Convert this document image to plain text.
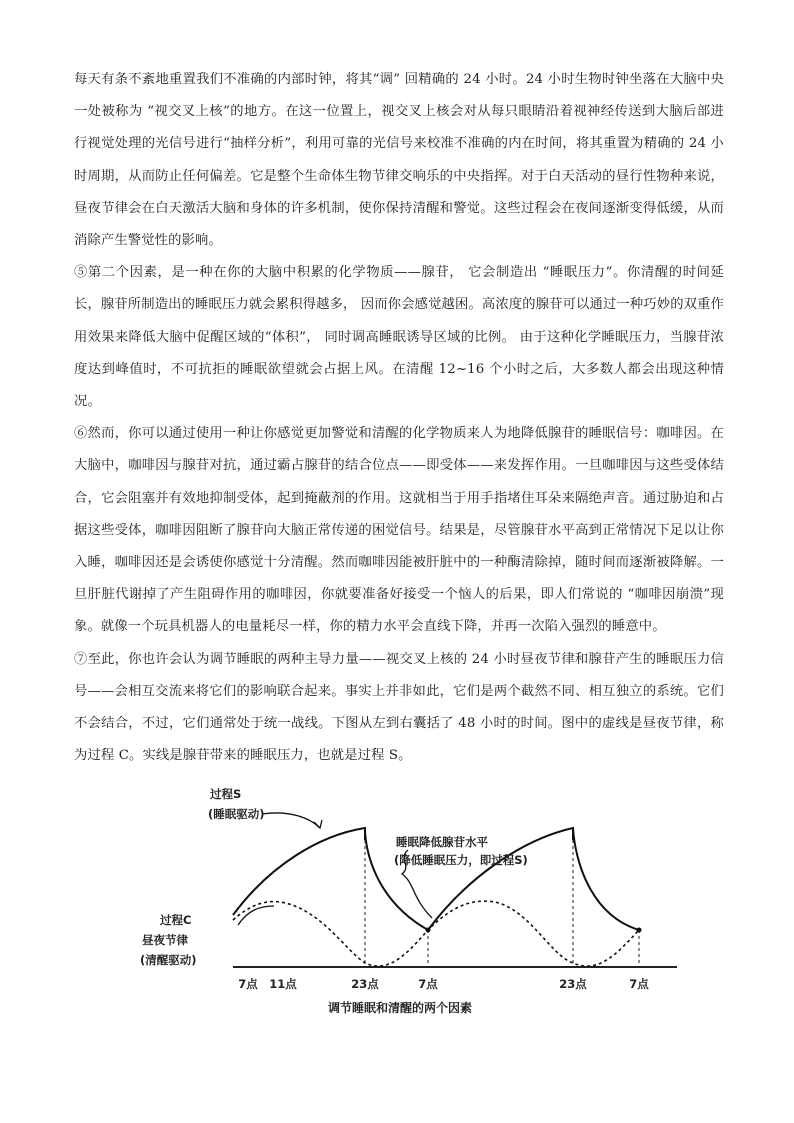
每天有条不紊地重置我们不准确的内部时钟，将其“调” 回精确的 24 小时。24 小时生物时钟坐落在大脑中央一处被称为 “视交叉上核”的地方。在这一位置上，视交叉上核会对从每只眼睛沿着视神经传送到大脑后部进行视觉处理的光信号进行“抽样分析”，利用可靠的光信号来校准不准确的内在时间，将其重置为精确的 24 小时周期，从而防止任何偏差。它是整个生命体生物节律交响乐的中央指挥。对于白天活动的昼行性物种来说，昼夜节律会在白天激活大脑和身体的许多机制，使你保持清醒和警觉。这些过程会在夜间逐渐变得低缓，从而消除产生警觉性的影响。

⑤第二个因素，是一种在你的大脑中积累的化学物质——腺苷， 它会制造出 “睡眠压力”。你清醒的时间延长，腺苷所制造出的睡眠压力就会累积得越多， 因而你会感觉越困。高浓度的腺苷可以通过一种巧妙的双重作用效果来降低大脑中促醒区域的“体积”， 同时调高睡眠诱导区域的比例。 由于这种化学睡眠压力，当腺苷浓度达到峰值时，不可抗拒的睡眠欲望就会占据上风。在清醒 12~16 个小时之后，大多数人都会出现这种情况。

⑥然而，你可以通过使用一种让你感觉更加警觉和清醒的化学物质来人为地降低腺苷的睡眠信号：咖啡因。在大脑中，咖啡因与腺苷对抗，通过霸占腺苷的结合位点——即受体——来发挥作用。一旦咖啡因与这些受体结合，它会阻塞并有效地抑制受体，起到掩蔽剂的作用。这就相当于用手指堵住耳朵来隔绝声音。通过胁迫和占据这些受体，咖啡因阻断了腺苷向大脑正常传递的困觉信号。结果是，尽管腺苷水平高到正常情况下足以让你入睡，咖啡因还是会诱使你感觉十分清醒。然而咖啡因能被肝脏中的一种酶清除掉，随时间而逐渐被降解。一旦肝脏代谢掉了产生阻碍作用的咖啡因，你就要准备好接受一个恼人的后果，即人们常说的 “咖啡因崩溃”现象。就像一个玩具机器人的电量耗尽一样，你的精力水平会直线下降，并再一次陷入强烈的睡意中。

⑦至此，你也许会认为调节睡眠的两种主导力量——视交叉上核的 24 小时昼夜节律和腺苷产生的睡眠压力信号——会相互交流来将它们的影响联合起来。事实上并非如此，它们是两个截然不同、相互独立的系统。它们不会结合，不过，它们通常处于统一战线。下图从左到右囊括了 48 小时的时间。图中的虚线是昼夜节律，称为过程 C。实线是腺苷带来的睡眠压力，也就是过程 S。

过程S
(睡眠驱动)
睡眠降低腺苷水平
(降低睡眠压力，即过程S)
过程C
昼夜节律
(清醒驱动)
7点 11点	23点	7点	23点	7点
调节睡眠和清醒的两个因素
